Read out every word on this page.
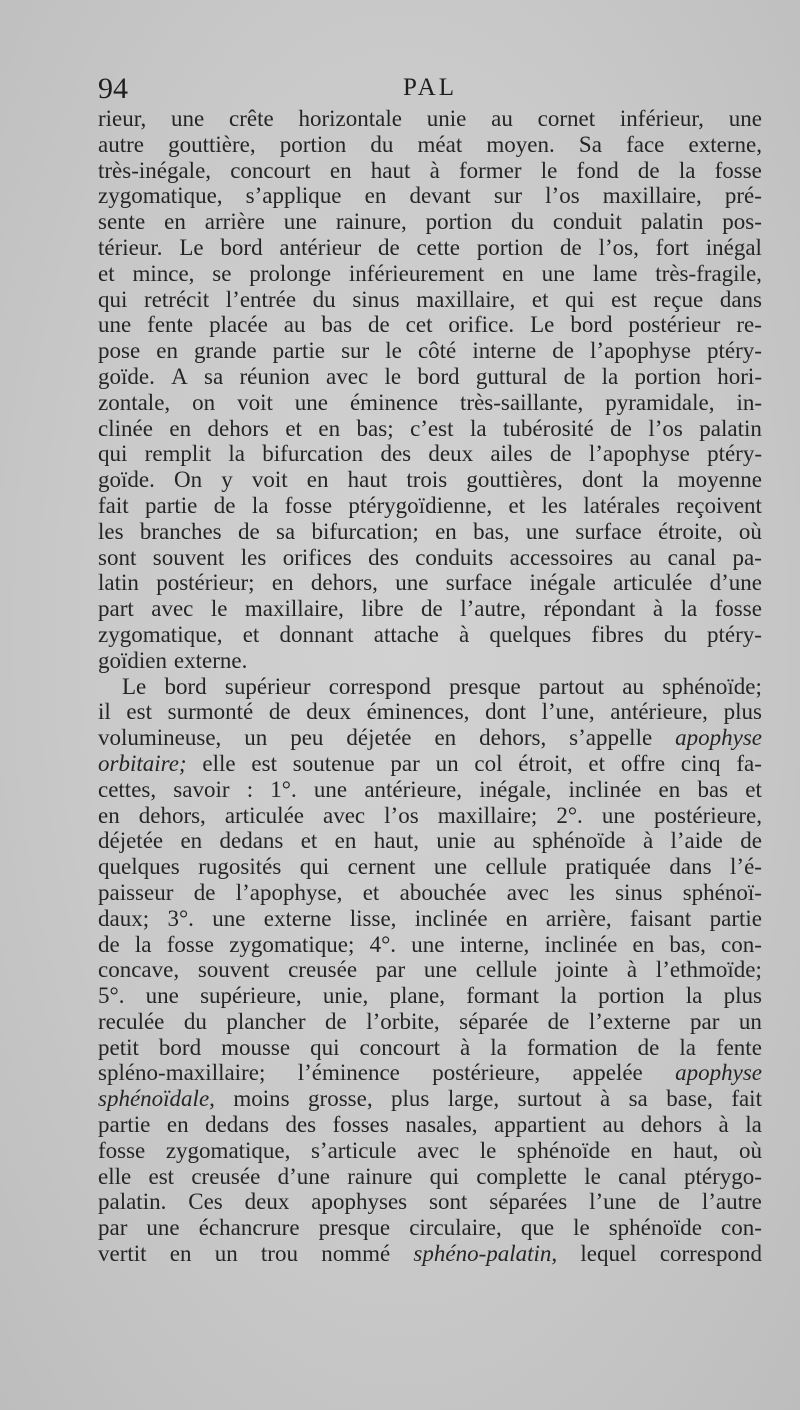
94	PAL
rieur, une crête horizontale unie au cornet inférieur, une
autre gouttière, portion du méat moyen. Sa face externe,
très-inégale, concourt en haut à former le fond de la fosse
zygomatique, s’applique en devant sur l’os maxillaire, pré-
sente en arrière une rainure, portion du conduit palatin pos-
térieur. Le bord antérieur de cette portion de l’os, fort inégal
et mince, se prolonge inférieurement en une lame très-fragile,
qui retrécit l’entrée du sinus maxillaire, et qui est reçue dans
une fente placée au bas de cet orifice. Le bord postérieur re-
pose en grande partie sur le côté interne de l’apophyse ptéry-
goïde. A sa réunion avec le bord guttural de la portion hori-
zontale, on voit une éminence très-saillante, pyramidale, in-
clinée en dehors et en bas; c’est la tubérosité de l’os palatin
qui remplit la bifurcation des deux ailes de l’apophyse ptéry-
goïde. On y voit en haut trois gouttières, dont la moyenne
fait partie de la fosse ptérygoïdienne, et les latérales reçoivent
les branches de sa bifurcation; en bas, une surface étroite, où
sont souvent les orifices des conduits accessoires au canal pa-
latin postérieur; en dehors, une surface inégale articulée d’une
part avec le maxillaire, libre de l’autre, répondant à la fosse
zygomatique, et donnant attache à quelques fibres du ptéry-
goïdien externe.
Le bord supérieur correspond presque partout au sphénoïde;
il est surmonté de deux éminences, dont l’une, antérieure, plus
volumineuse, un peu déjetée en dehors, s’appelle apophyse
orbitaire; elle est soutenue par un col étroit, et offre cinq fa-
cettes, savoir : 1°. une antérieure, inégale, inclinée en bas et
en dehors, articulée avec l’os maxillaire; 2°. une postérieure,
déjetée en dedans et en haut, unie au sphénoïde à l’aide de
quelques rugosités qui cernent une cellule pratiquée dans l’é-
paisseur de l’apophyse, et abouchée avec les sinus sphénoï-
daux; 3°. une externe lisse, inclinée en arrière, faisant partie
de la fosse zygomatique; 4°. une interne, inclinée en bas, con-
concave, souvent creusée par une cellule jointe à l’ethmoïde;
5°. une supérieure, unie, plane, formant la portion la plus
reculée du plancher de l’orbite, séparée de l’externe par un
petit bord mousse qui concourt à la formation de la fente
spléno-maxillaire; l’éminence postérieure, appelée apophyse
sphénoïdale, moins grosse, plus large, surtout à sa base, fait
partie en dedans des fosses nasales, appartient au dehors à la
fosse zygomatique, s’articule avec le sphénoïde en haut, où
elle est creusée d’une rainure qui complette le canal ptérygo-
palatin. Ces deux apophyses sont séparées l’une de l’autre
par une échancrure presque circulaire, que le sphénoïde con-
vertit en un trou nommé sphéno-palatin, lequel correspond
